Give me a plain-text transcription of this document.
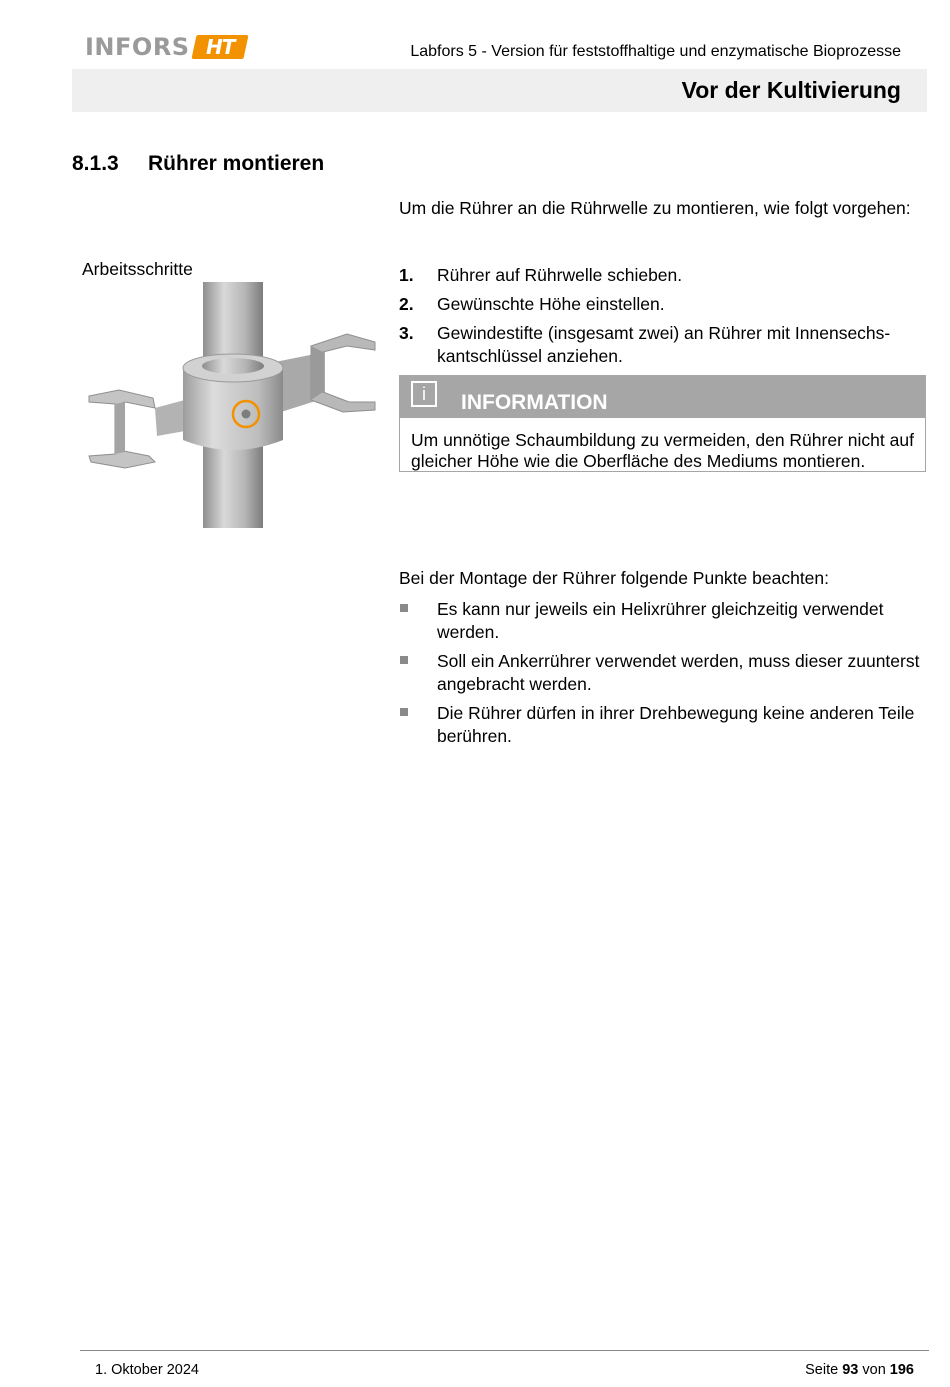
INFORS HT	Labfors 5 - Version für feststoffhaltige und enzymatische Bioprozesse
Vor der Kultivierung
8.1.3 Rührer montieren
Um die Rührer an die Rührwelle zu montieren, wie folgt vorgehen:
Arbeitsschritte	1.	Rührer auf Rührwelle schieben.
2.	Gewünschte Höhe einstellen.
3.	Gewindestifte (insgesamt zwei) an Rührer mit Innensechs-kantschlüssel anziehen.
i	INFORMATION
Um unnötige Schaumbildung zu vermeiden, den Rührer nicht auf gleicher Höhe wie die Oberfläche des Mediums montieren.
Bei der Montage der Rührer folgende Punkte beachten:
Es kann nur jeweils ein Helixrührer gleichzeitig verwendet werden.
Soll ein Ankerrührer verwendet werden, muss dieser zuunterst angebracht werden.
Die Rührer dürfen in ihrer Drehbewegung keine anderen Teile berühren.
1. Oktober 2024	Seite 93 von 196
